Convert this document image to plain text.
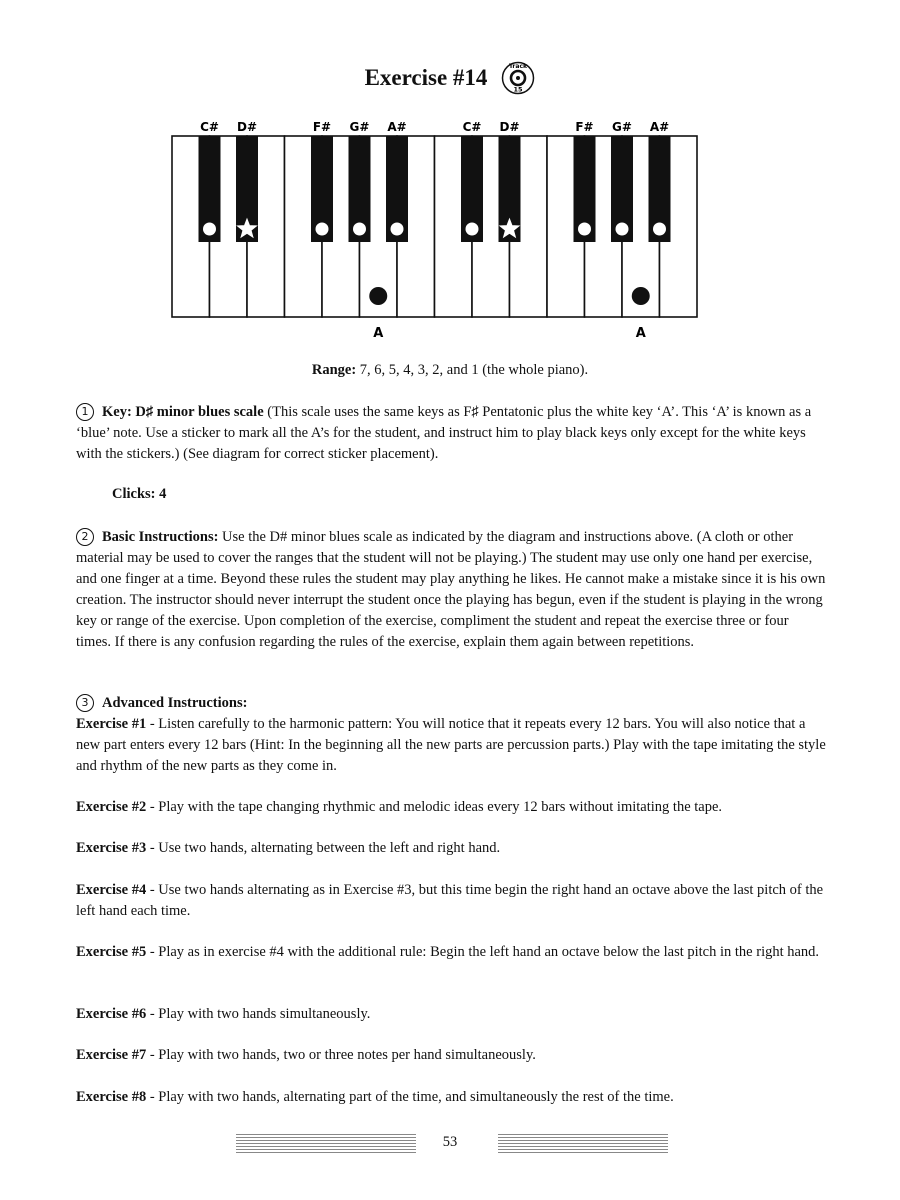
Exercise #14	Track
15
C# D#	F# G# A#	C# D#	F# G# A#
A	A
Range: 7, 6, 5, 4, 3, 2, and 1 (the whole piano).

1 Key: D♯ minor blues scale (This scale uses the same keys as F♯ Pentatonic plus the white key ‘A’. This ‘A’ is known as a ‘blue’ note. Use a sticker to mark all the A’s for the student, and instruct him to play black keys only except for the white keys with the stickers.) (See diagram for correct sticker placement).

Clicks: 4

2 Basic Instructions: Use the D# minor blues scale as indicated by the diagram and instructions above. (A cloth or other material may be used to cover the ranges that the student will not be playing.) The student may use only one hand per exercise, and one finger at a time. Beyond these rules the student may play anything he likes. He cannot make a mistake since it is his own creation. The instructor should never interrupt the student once the playing has begun, even if the student is playing in the wrong key or range of the exercise. Upon completion of the exercise, compliment the student and repeat the exercise three or four times. If there is any confusion regarding the rules of the exercise, explain them again between repetitions.

3 Advanced Instructions:

Exercise #1 - Listen carefully to the harmonic pattern: You will notice that it repeats every 12 bars. You will also notice that a new part enters every 12 bars (Hint: In the beginning all the new parts are percussion parts.) Play with the tape imitating the style and rhythm of the new parts as they come in.

Exercise #2 - Play with the tape changing rhythmic and melodic ideas every 12 bars without imitating the tape.

Exercise #3 - Use two hands, alternating between the left and right hand.

Exercise #4 - Use two hands alternating as in Exercise #3, but this time begin the right hand an octave above the last pitch of the left hand each time.

Exercise #5 - Play as in exercise #4 with the additional rule: Begin the left hand an octave below the last pitch in the right hand.

Exercise #6 - Play with two hands simultaneously.

Exercise #7 - Play with two hands, two or three notes per hand simultaneously.

Exercise #8 - Play with two hands, alternating part of the time, and simultaneously the rest of the time.

53
